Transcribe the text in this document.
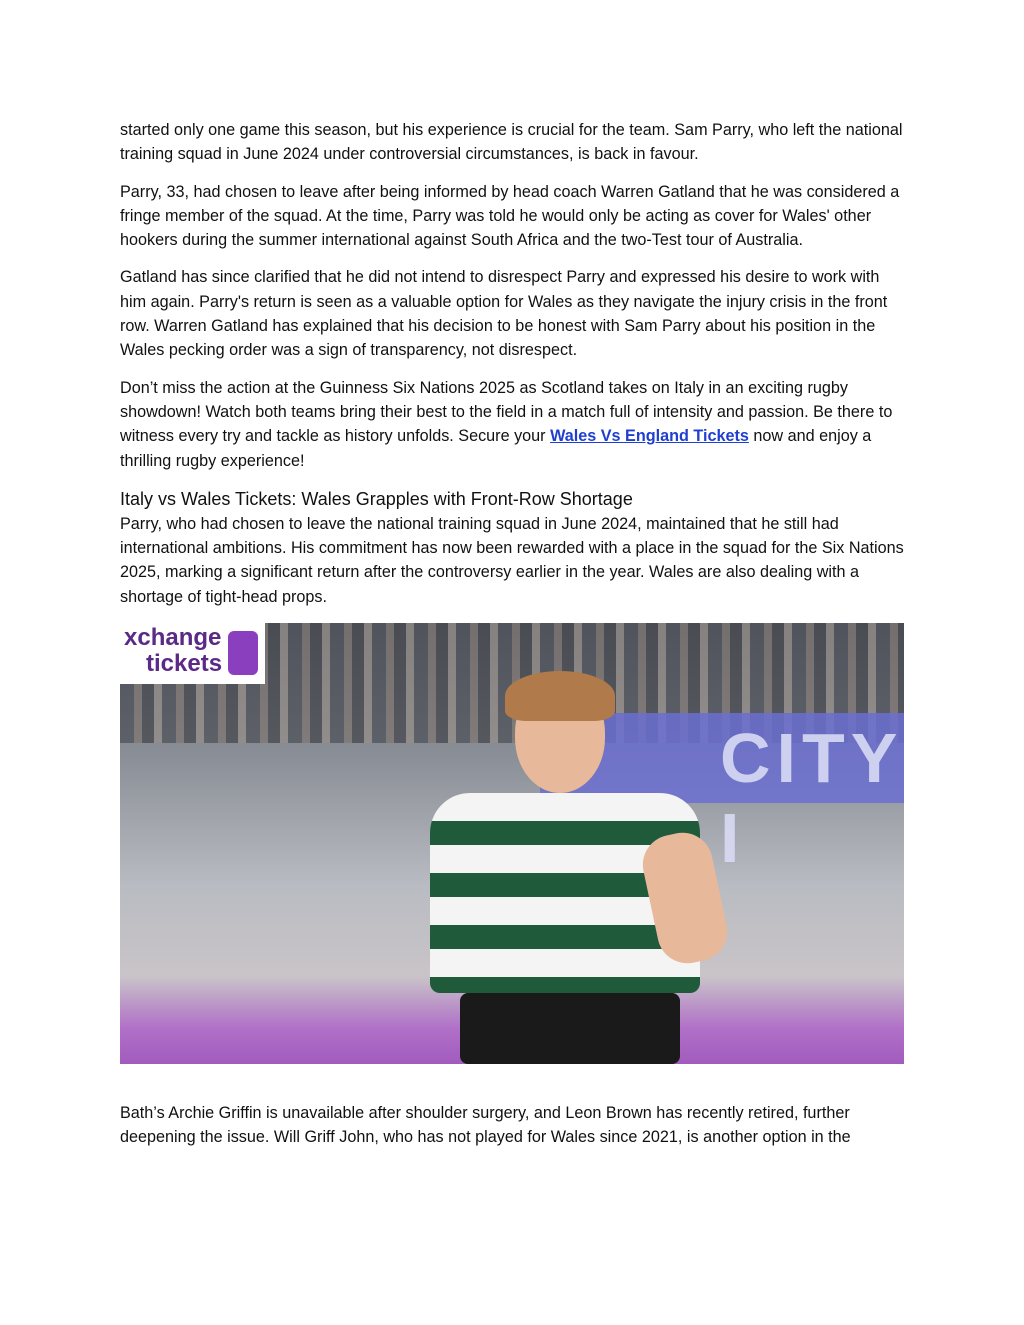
started only one game this season, but his experience is crucial for the team. Sam Parry, who left the national training squad in June 2024 under controversial circumstances, is back in favour.

Parry, 33, had chosen to leave after being informed by head coach Warren Gatland that he was considered a fringe member of the squad. At the time, Parry was told he would only be acting as cover for Wales' other hookers during the summer international against South Africa and the two-Test tour of Australia.

Gatland has since clarified that he did not intend to disrespect Parry and expressed his desire to work with him again. Parry's return is seen as a valuable option for Wales as they navigate the injury crisis in the front row. Warren Gatland has explained that his decision to be honest with Sam Parry about his position in the Wales pecking order was a sign of transparency, not disrespect.

Don’t miss the action at the Guinness Six Nations 2025 as Scotland takes on Italy in an exciting rugby showdown! Watch both teams bring their best to the field in a match full of intensity and passion. Be there to witness every try and tackle as history unfolds. Secure your Wales Vs England Tickets now and enjoy a thrilling rugby experience!

Italy vs Wales Tickets: Wales Grapples with Front-Row Shortage

Parry, who had chosen to leave the national training squad in June 2024, maintained that he still had international ambitions. His commitment has now been rewarded with a place in the squad for the Six Nations 2025, marking a significant return after the controversy earlier in the year. Wales are also dealing with a shortage of tight-head props.

CITY I
xchange
tickets

Bath’s Archie Griffin is unavailable after shoulder surgery, and Leon Brown has recently retired, further deepening the issue. Will Griff John, who has not played for Wales since 2021, is another option in the
